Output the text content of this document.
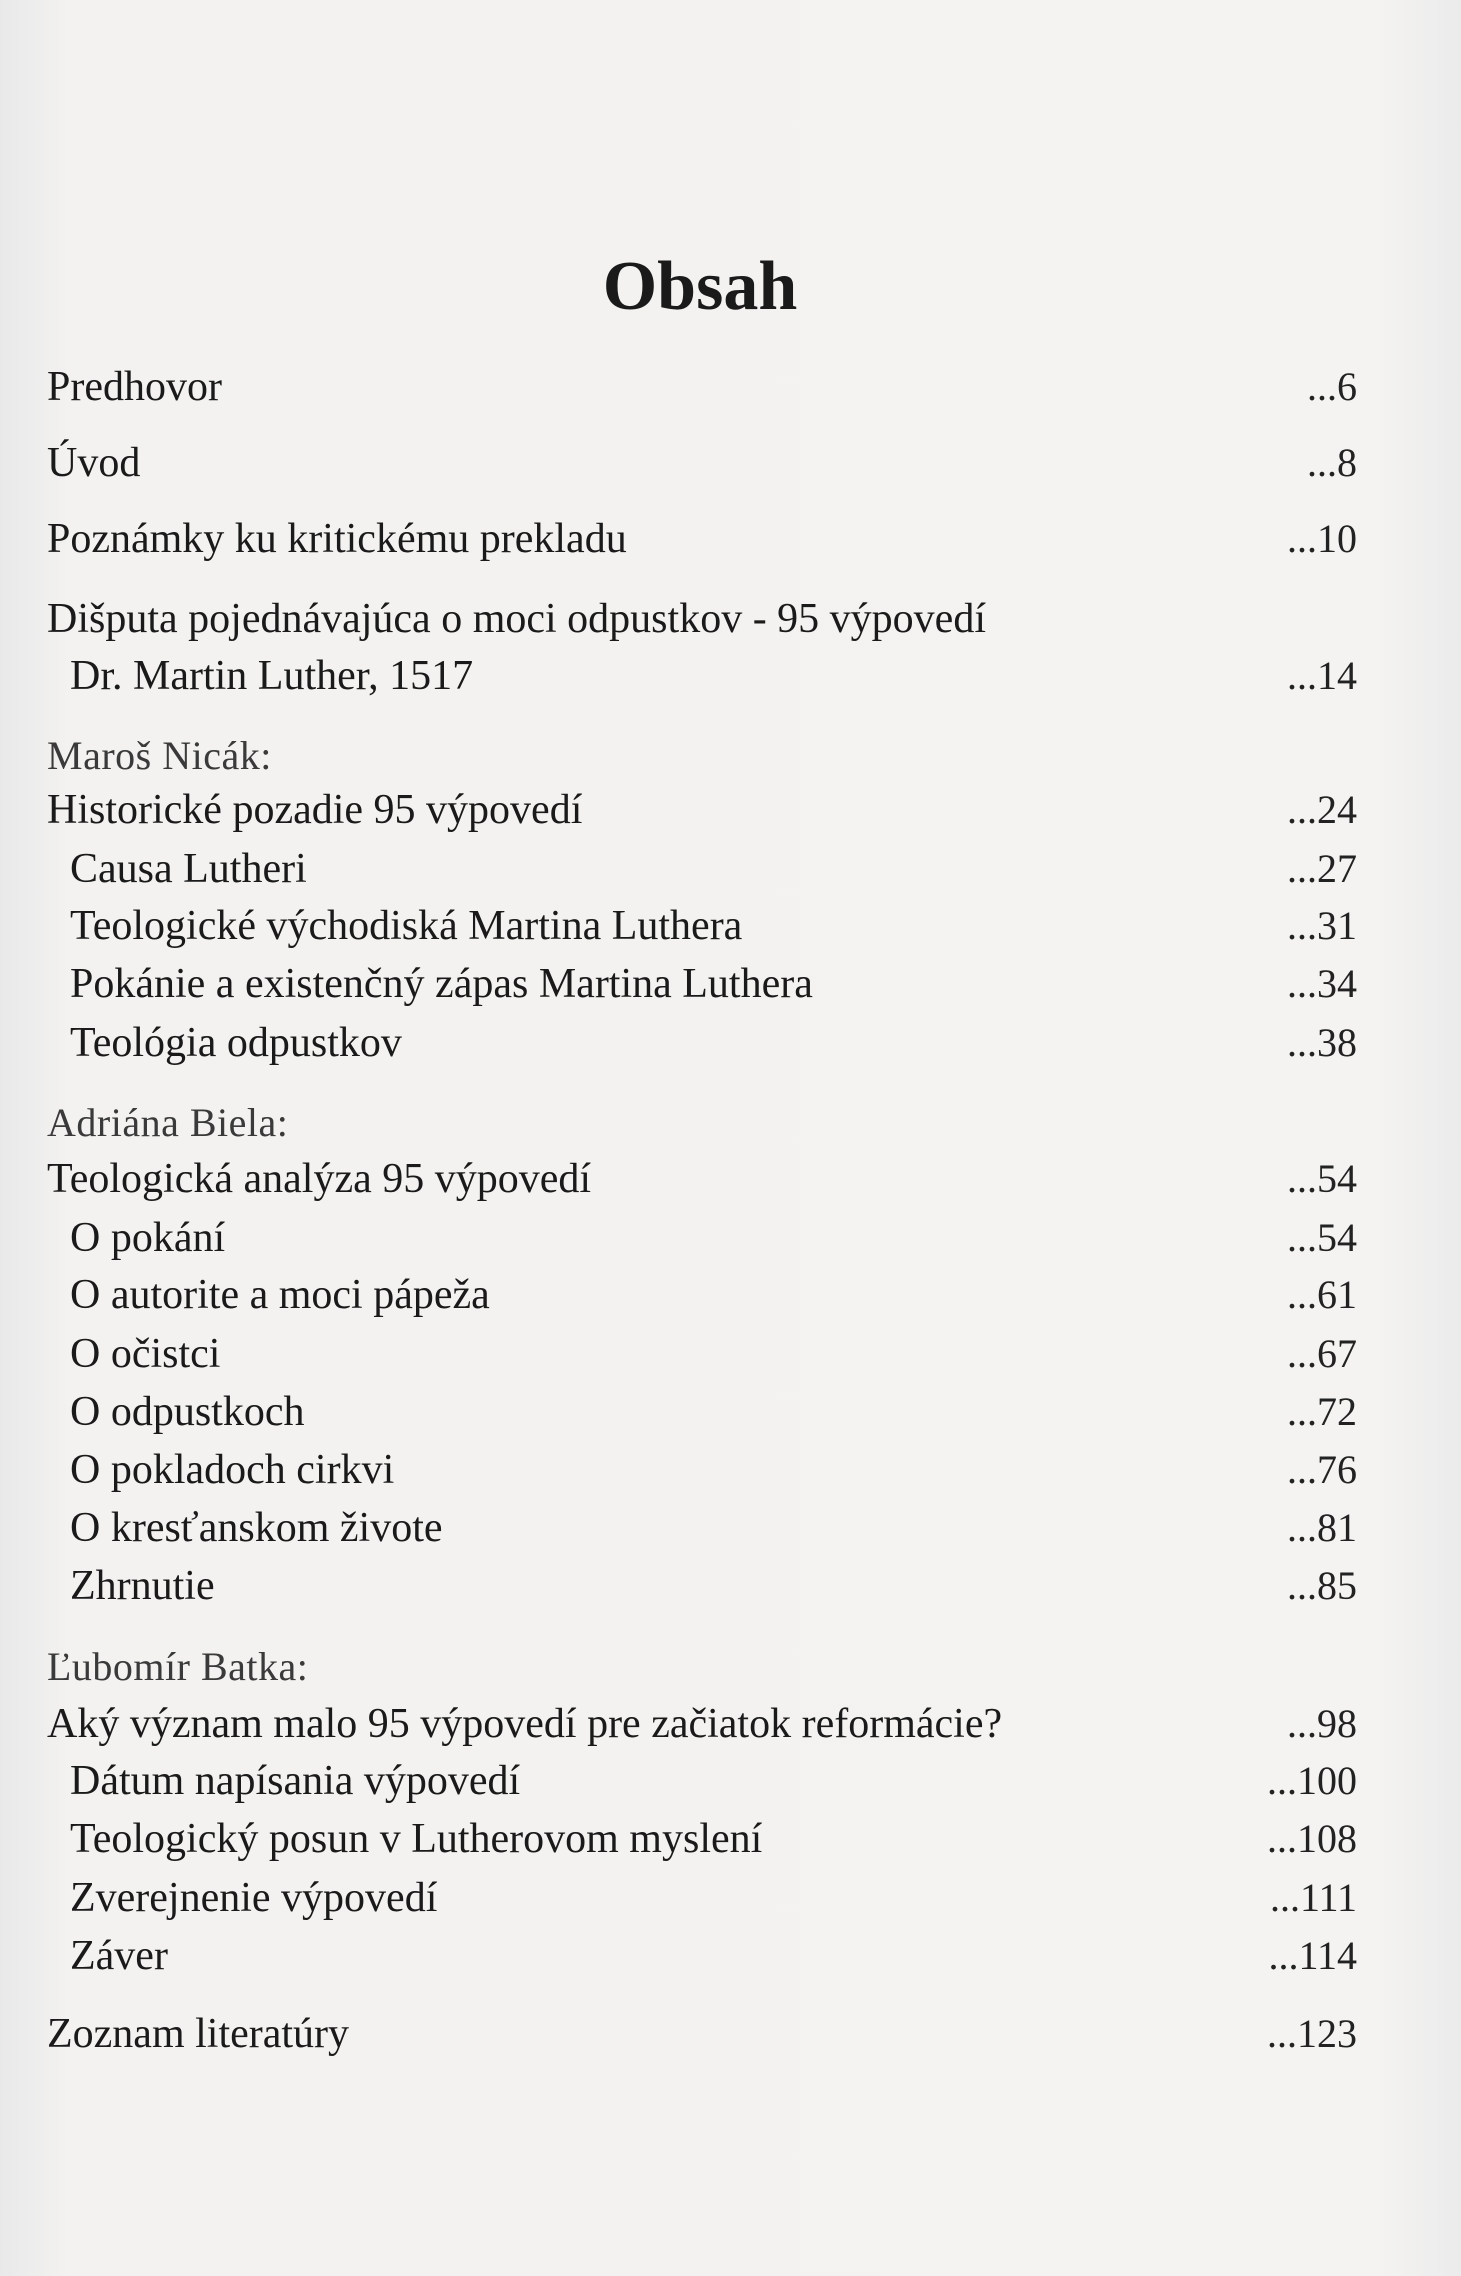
Obsah
Predhovor	...6
Úvod	...8
Poznámky ku kritickému prekladu	...10
Dišputa pojednávajúca o moci odpustkov - 95 výpovedí
Dr. Martin Luther, 1517	...14
Maroš Nicák:
Historické pozadie 95 výpovedí	...24
Causa Lutheri	...27
Teologické východiská Martina Luthera	...31
Pokánie a existenčný zápas Martina Luthera	...34
Teológia odpustkov	...38
Adriána Biela:
Teologická analýza 95 výpovedí	...54
O pokání	...54
O autorite a moci pápeža	...61
O očistci	...67
O odpustkoch	...72
O pokladoch cirkvi	...76
O kresťanskom živote	...81
Zhrnutie	...85
Ľubomír Batka:
Aký význam malo 95 výpovedí pre začiatok reformácie?	...98
Dátum napísania výpovedí	...100
Teologický posun v Lutherovom myslení	...108
Zverejnenie výpovedí	...111
Záver	...114
Zoznam literatúry	...123
